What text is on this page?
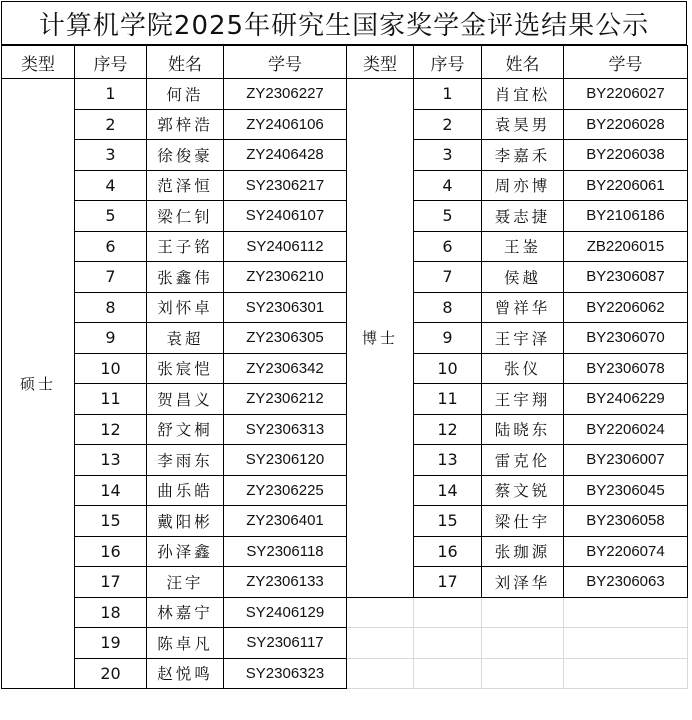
计算机学院2025年研究生国家奖学金评选结果公示
类型	序号	姓名	学号	类型	序号	姓名	学号
硕士	1	何浩	ZY2306227	博士	1	肖宜松	BY2206027
	2	郭梓浩	ZY2406106		2	袁昊男	BY2206028
	3	徐俊豪	ZY2406428		3	李嘉禾	BY2206038
	4	范泽恒	SY2306217		4	周亦博	BY2206061
	5	梁仁钊	SY2406107		5	聂志捷	BY2106186
	6	王子铭	SY2406112		6	王崟	ZB2206015
	7	张鑫伟	ZY2306210		7	侯越	BY2306087
	8	刘怀卓	SY2306301		8	曾祥华	BY2206062
	9	袁超	ZY2306305		9	王宇泽	BY2306070
	10	张宸恺	ZY2306342		10	张仪	BY2306078
	11	贺昌义	ZY2306212		11	王宇翔	BY2406229
	12	舒文桐	SY2306313		12	陆晓东	BY2206024
	13	李雨东	SY2306120		13	雷克伦	BY2306007
	14	曲乐皓	ZY2306225		14	蔡文锐	BY2306045
	15	戴阳彬	ZY2306401		15	梁仕宇	BY2306058
	16	孙泽鑫	SY2306118		16	张珈源	BY2206074
	17	汪宇	ZY2306133		17	刘泽华	BY2306063
	18	林嘉宁	SY2406129				
	19	陈卓凡	SY2306117				
	20	赵悦鸣	SY2306323				
